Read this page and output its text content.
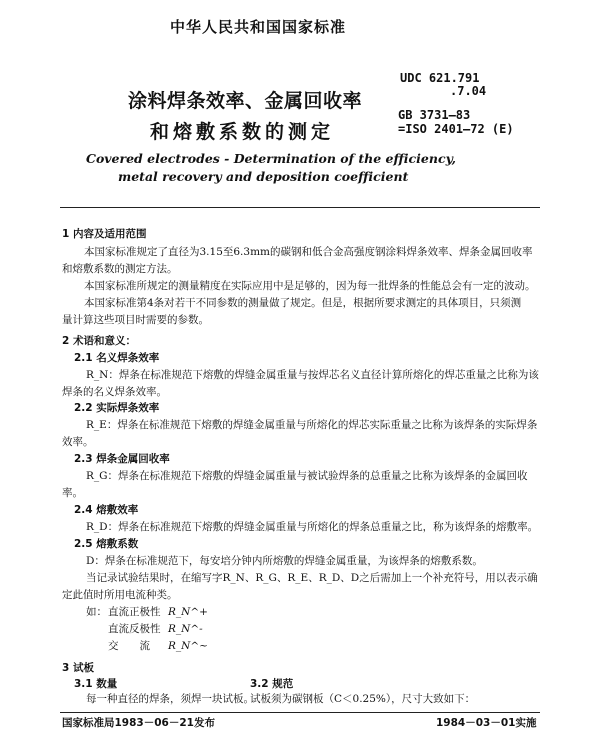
中华人民共和国国家标准
涂料焊条效率、金属回收率
和熔敷系数的测定
UDC 621.791
.7.04
GB 3731—83
=ISO 2401—72 (E)
Covered electrodes - Determination of the efficiency,
metal recovery and deposition coefficient
1 内容及适用范围
本国家标准规定了直径为3.15至6.3mm的碳钢和低合金高强度钢涂料焊条效率、焊条金属回收率
和熔敷系数的测定方法。
本国家标准所规定的测量精度在实际应用中是足够的，因为每一批焊条的性能总会有一定的波动。
本国家标准第4条对若干不同参数的测量做了规定。但是，根据所要求测定的具体项目，只须测
量计算这些项目时需要的参数。
2 术语和意义：
2.1 名义焊条效率
R_N：焊条在标准规范下熔敷的焊缝金属重量与按焊芯名义直径计算所熔化的焊芯重量之比称为该
焊条的名义焊条效率。
2.2 实际焊条效率
R_E：焊条在标准规范下熔敷的焊缝金属重量与所熔化的焊芯实际重量之比称为该焊条的实际焊条
效率。
2.3 焊条金属回收率
R_G：焊条在标准规范下熔敷的焊缝金属重量与被试验焊条的总重量之比称为该焊条的金属回收
率。
2.4 熔敷效率
R_D：焊条在标准规范下熔敷的焊缝金属重量与所熔化的焊条总重量之比，称为该焊条的熔敷率。
2.5 熔敷系数
D：焊条在标准规范下，每安培分钟内所熔敷的焊缝金属重量，为该焊条的熔敷系数。
当记录试验结果时，在缩写字R_N、R_G、R_E、R_D、D之后需加上一个补充符号，用以表示确
定此值时所用电流种类。
如： 直流正极性 R_N^+
直流反极性 R_N^-
交　　流 R_N^~
3 试板
3.1 数量
每一种直径的焊条，须焊一块试板。
国家标准局1983－06－21发布	1984－03－01实施
3.2 规范
试板须为碳钢板（C＜0.25%），尺寸大致如下：
